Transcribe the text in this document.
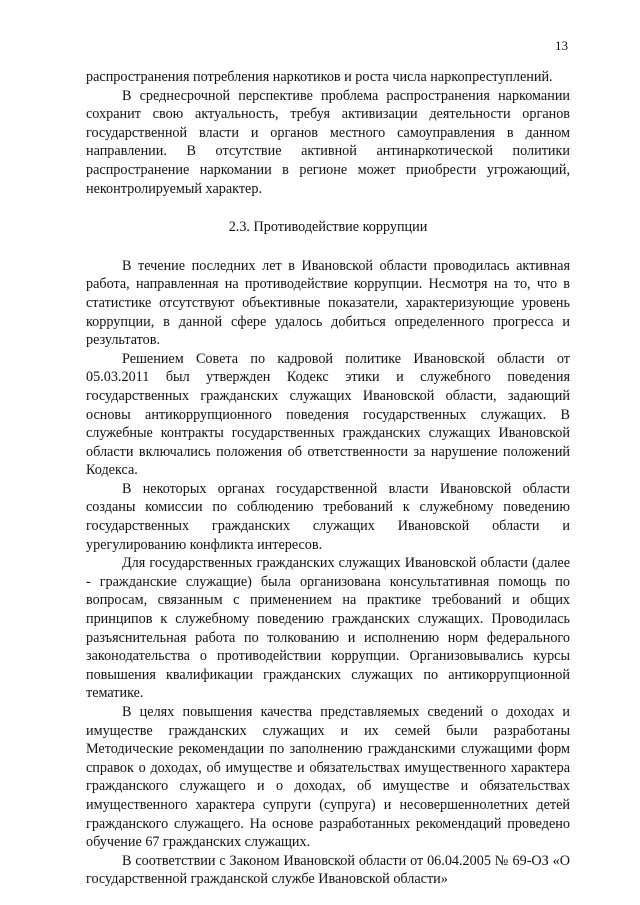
13

распространения потребления наркотиков и роста числа наркопреступлений.

В среднесрочной перспективе проблема распространения наркомании сохранит свою актуальность, требуя активизации деятельности органов государственной власти и органов местного самоуправления в данном направлении. В отсутствие активной антинаркотической политики распространение наркомании в регионе может приобрести угрожающий, неконтролируемый характер.

2.3. Противодействие коррупции

В течение последних лет в Ивановской области проводилась активная работа, направленная на противодействие коррупции. Несмотря на то, что в статистике отсутствуют объективные показатели, характеризующие уровень коррупции, в данной сфере удалось добиться определенного прогресса и результатов.

Решением Совета по кадровой политике Ивановской области от 05.03.2011 был утвержден Кодекс этики и служебного поведения государственных гражданских служащих Ивановской области, задающий основы антикоррупционного поведения государственных служащих. В служебные контракты государственных гражданских служащих Ивановской области включались положения об ответственности за нарушение положений Кодекса.

В некоторых органах государственной власти Ивановской области созданы комиссии по соблюдению требований к служебному поведению государственных гражданских служащих Ивановской области и урегулированию конфликта интересов.

Для государственных гражданских служащих Ивановской области (далее - гражданские служащие) была организована консультативная помощь по вопросам, связанным с применением на практике требований и общих принципов к служебному поведению гражданских служащих. Проводилась разъяснительная работа по толкованию и исполнению норм федерального законодательства о противодействии коррупции. Организовывались курсы повышения квалификации гражданских служащих по антикоррупционной тематике.

В целях повышения качества представляемых сведений о доходах и имуществе гражданских служащих и их семей были разработаны Методические рекомендации по заполнению гражданскими служащими форм справок о доходах, об имуществе и обязательствах имущественного характера гражданского служащего и о доходах, об имуществе и обязательствах имущественного характера супруги (супруга) и несовершеннолетних детей гражданского служащего. На основе разработанных рекомендаций проведено обучение 67 гражданских служащих.

В соответствии с Законом Ивановской области от 06.04.2005 № 69-ОЗ «О государственной гражданской службе Ивановской области»
